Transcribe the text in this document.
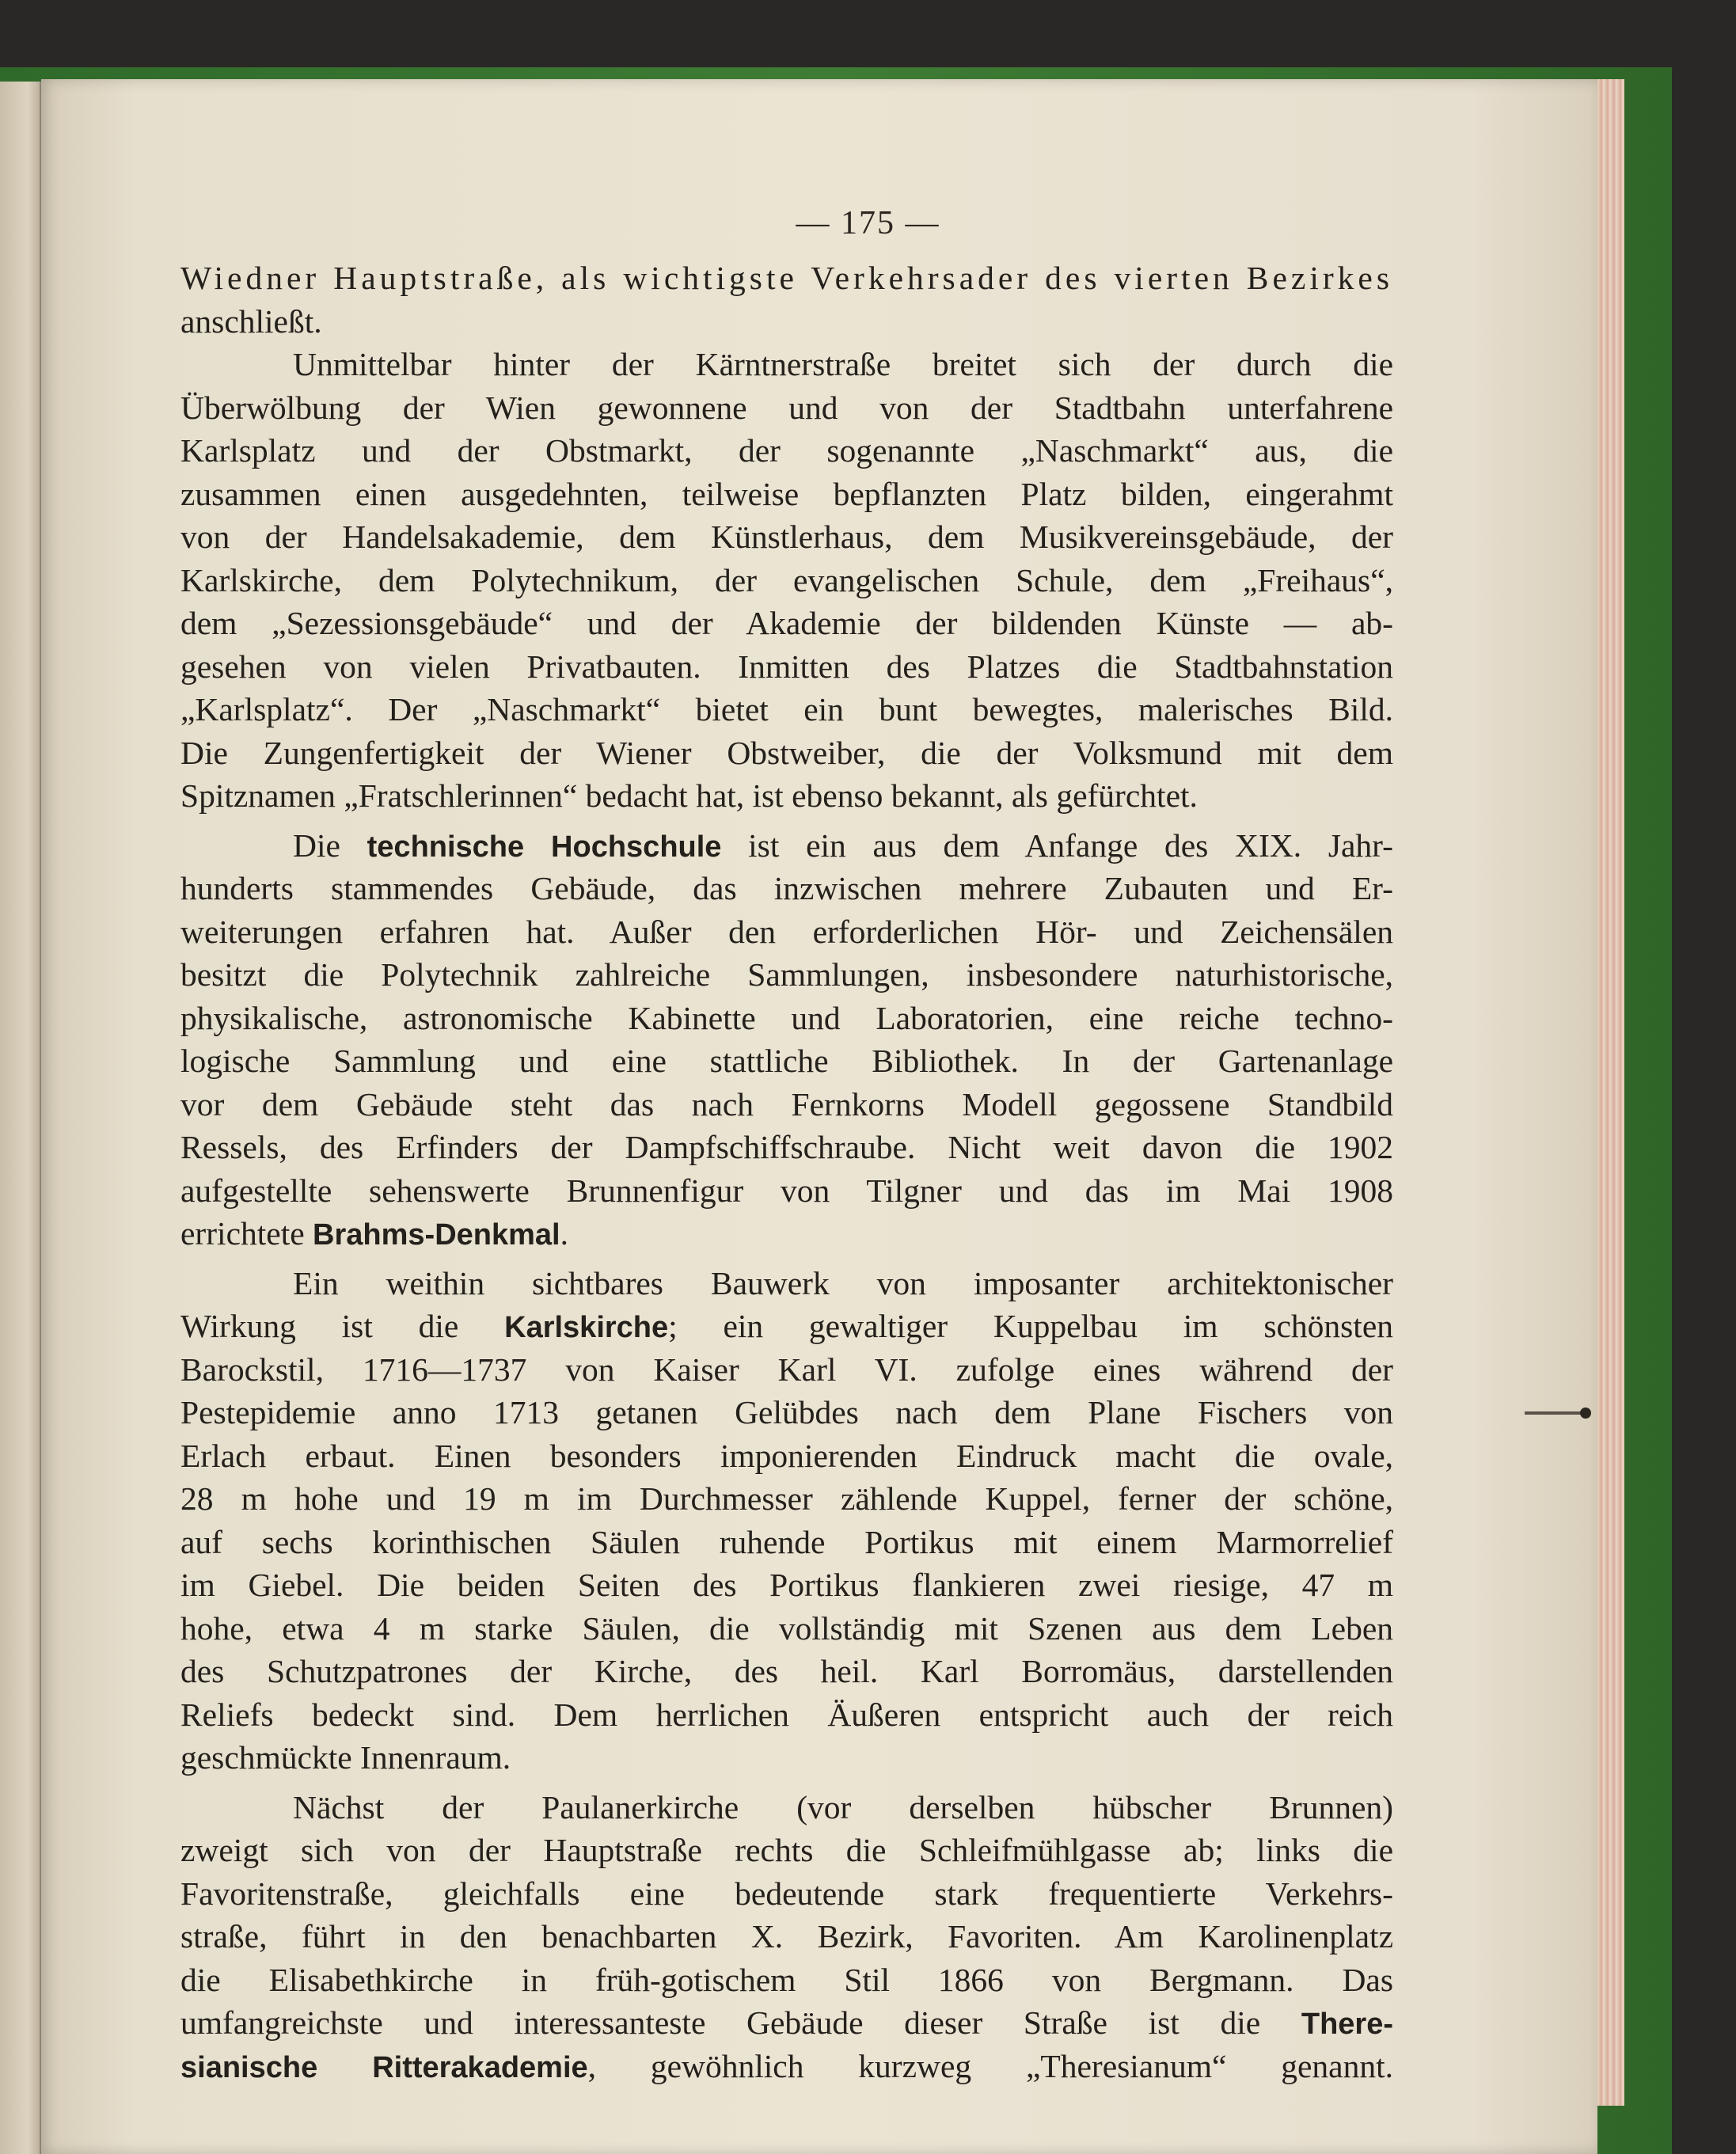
— 175 —
Wiedner Hauptstraße, als wichtigste Verkehrsader des vierten Bezirkes
anschließt.
Unmittelbar hinter der Kärntnerstraße breitet sich der durch die
Überwölbung der Wien gewonnene und von der Stadtbahn unterfahrene
Karlsplatz und der Obstmarkt, der sogenannte „Naschmarkt“ aus, die
zusammen einen ausgedehnten, teilweise bepflanzten Platz bilden, eingerahmt
von der Handelsakademie, dem Künstlerhaus, dem Musikvereinsgebäude, der
Karlskirche, dem Polytechnikum, der evangelischen Schule, dem „Freihaus“,
dem „Sezessionsgebäude“ und der Akademie der bildenden Künste — ab-
gesehen von vielen Privatbauten. Inmitten des Platzes die Stadtbahnstation
„Karlsplatz“. Der „Naschmarkt“ bietet ein bunt bewegtes, malerisches Bild.
Die Zungenfertigkeit der Wiener Obstweiber, die der Volksmund mit dem
Spitznamen „Fratschlerinnen“ bedacht hat, ist ebenso bekannt, als gefürchtet.
Die technische Hochschule ist ein aus dem Anfange des XIX. Jahr-
hunderts stammendes Gebäude, das inzwischen mehrere Zubauten und Er-
weiterungen erfahren hat. Außer den erforderlichen Hör- und Zeichensälen
besitzt die Polytechnik zahlreiche Sammlungen, insbesondere naturhistorische,
physikalische, astronomische Kabinette und Laboratorien, eine reiche techno-
logische Sammlung und eine stattliche Bibliothek. In der Gartenanlage
vor dem Gebäude steht das nach Fernkorns Modell gegossene Standbild
Ressels, des Erfinders der Dampfschiffschraube. Nicht weit davon die 1902
aufgestellte sehenswerte Brunnenfigur von Tilgner und das im Mai 1908
errichtete Brahms-Denkmal.
Ein weithin sichtbares Bauwerk von imposanter architektonischer
Wirkung ist die Karlskirche; ein gewaltiger Kuppelbau im schönsten
Barockstil, 1716—1737 von Kaiser Karl VI. zufolge eines während der
Pestepidemie anno 1713 getanen Gelübdes nach dem Plane Fischers von
Erlach erbaut. Einen besonders imponierenden Eindruck macht die ovale,
28 m hohe und 19 m im Durchmesser zählende Kuppel, ferner der schöne,
auf sechs korinthischen Säulen ruhende Portikus mit einem Marmorrelief
im Giebel. Die beiden Seiten des Portikus flankieren zwei riesige, 47 m
hohe, etwa 4 m starke Säulen, die vollständig mit Szenen aus dem Leben
des Schutzpatrones der Kirche, des heil. Karl Borromäus, darstellenden
Reliefs bedeckt sind. Dem herrlichen Äußeren entspricht auch der reich
geschmückte Innenraum.
Nächst der Paulanerkirche (vor derselben hübscher Brunnen)
zweigt sich von der Hauptstraße rechts die Schleifmühlgasse ab; links die
Favoritenstraße, gleichfalls eine bedeutende stark frequentierte Verkehrs-
straße, führt in den benachbarten X. Bezirk, Favoriten. Am Karolinenplatz
die Elisabethkirche in früh-gotischem Stil 1866 von Bergmann. Das
umfangreichste und interessanteste Gebäude dieser Straße ist die There-
sianische Ritterakademie, gewöhnlich kurzweg „Theresianum“ genannt.
